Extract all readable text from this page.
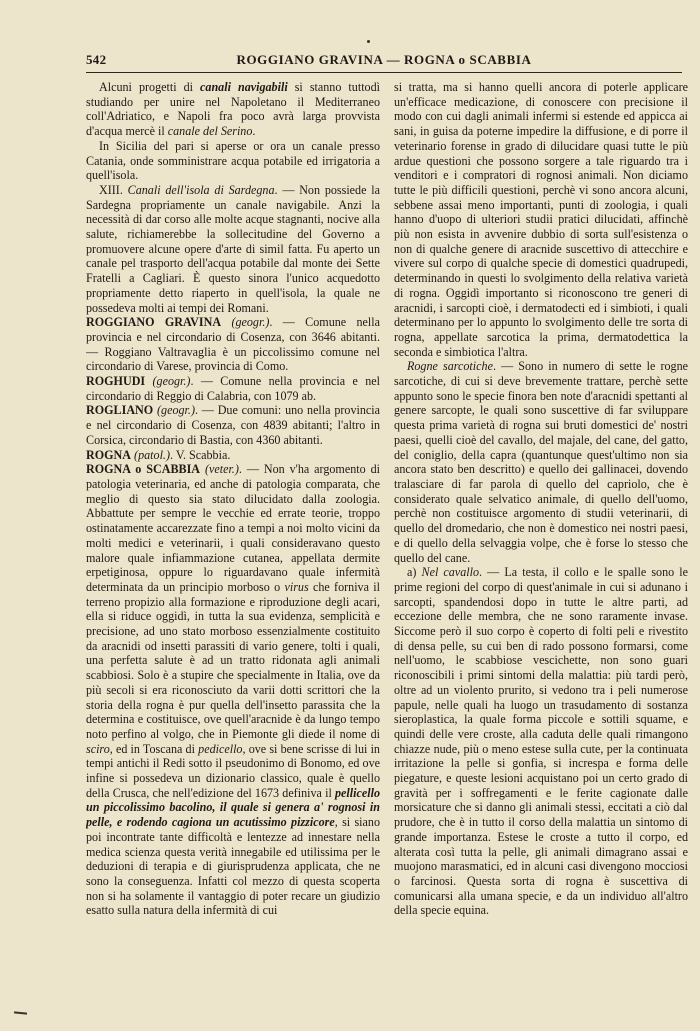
542	ROGGIANO GRAVINA — ROGNA o SCABBIA

Alcuni progetti di canali navigabili si stanno tuttodì studiando per unire nel Napoletano il Mediterraneo coll'Adriatico, e Napoli fra poco avrà larga provvista d'acqua mercè il canale del Serino.

In Sicilia del pari si aperse or ora un canale presso Catania, onde somministrare acqua potabile ed irrigatoria a quell'isola.

XIII. Canali dell'isola di Sardegna. — Non possiede la Sardegna propriamente un canale navigabile. Anzi la necessità di dar corso alle molte acque stagnanti, nocive alla salute, richiamerebbe la sollecitudine del Governo a promuovere alcune opere d'arte di simil fatta. Fu aperto un canale pel trasporto dell'acqua potabile dal monte dei Sette Fratelli a Cagliari. È questo sinora l'unico acquedotto propriamente detto riaperto in quell'isola, la quale ne possedeva molti ai tempi dei Romani.

ROGGIANO GRAVINA (geogr.). — Comune nella provincia e nel circondario di Cosenza, con 3646 abitanti. — Roggiano Valtravaglia è un piccolissimo comune nel circondario di Varese, provincia di Como.

ROGHUDI (geogr.). — Comune nella provincia e nel circondario di Reggio di Calabria, con 1079 ab.

ROGLIANO (geogr.). — Due comuni: uno nella provincia e nel circondario di Cosenza, con 4839 abitanti; l'altro in Corsica, circondario di Bastia, con 4360 abitanti.

ROGNA (patol.). V. Scabbia.

ROGNA o SCABBIA (veter.). — Non v'ha argomento di patologia veterinaria, ed anche di patologia comparata, che meglio di questo sia stato dilucidato dalla zoologia. Abbattute per sempre le vecchie ed errate teorie, troppo ostinatamente accarezzate fino a tempi a noi molto vicini da molti medici e veterinarii, i quali consideravano questo malore quale infiammazione cutanea, appellata dermite erpetiginosa, oppure lo riguardavano quale infermità determinata da un principio morboso o virus che forniva il terreno propizio alla formazione e riproduzione degli acari, ella si riduce oggidì, in tutta la sua evidenza, semplicità e precisione, ad uno stato morboso essenzialmente costituito da aracnidi od insetti parassiti di vario genere, tolti i quali, una perfetta salute è ad un tratto ridonata agli animali scabbiosi. Solo è a stupire che specialmente in Italia, ove da più secoli si era riconosciuto da varii dotti scrittori che la storia della rogna è pur quella dell'insetto parassita che la determina e costituisce, ove quell'aracnide è da lungo tempo noto perfino al volgo, che in Piemonte gli diede il nome di sciro, ed in Toscana di pedicello, ove si bene scrisse di lui in tempi antichi il Redi sotto il pseudonimo di Bonomo, ed ove infine si possedeva un dizionario classico, quale è quello della Crusca, che nell'edizione del 1673 definiva il pellicello un piccolissimo bacolino, il quale si genera a' rognosi in pelle, e rodendo cagiona un acutissimo pizzicore, si siano poi incontrate tante difficoltà e lentezze ad innestare nella medica scienza questa verità innegabile ed utilissima per le deduzioni di terapia e di giurisprudenza applicata, che ne sono la conseguenza. Infatti col mezzo di questa scoperta non si ha solamente il vantaggio di poter recare un giudizio esatto sulla natura della infermità di cui

si tratta, ma si hanno quelli ancora di poterle applicare un'efficace medicazione, di conoscere con precisione il modo con cui dagli animali infermi si estende ed appicca ai sani, in guisa da poterne impedire la diffusione, e di porre il veterinario forense in grado di dilucidare quasi tutte le più ardue questioni che possono sorgere a tale riguardo tra i venditori e i compratori di rognosi animali. Non diciamo tutte le più difficili questioni, perchè vi sono ancora alcuni, sebbene assai meno importanti, punti di zoologia, i quali hanno d'uopo di ulteriori studii pratici dilucidati, affinchè più non esista in avvenire dubbio di sorta sull'esistenza o non di qualche genere di aracnide suscettivo di attecchire e vivere sul corpo di qualche specie di domestici quadrupedi, determinando in questi lo svolgimento della relativa varietà di rogna. Oggidì importanto si riconoscono tre generi di aracnidi, i sarcopti cioè, i dermatodecti ed i simbioti, i quali determinano per lo appunto lo svolgimento delle tre sorta di rogna, appellate sarcotica la prima, dermatodettica la seconda e simbiotica l'altra.

Rogne sarcotiche. — Sono in numero di sette le rogne sarcotiche, di cui si deve brevemente trattare, perchè sette appunto sono le specie finora ben note d'aracnidi spettanti al genere sarcopte, le quali sono suscettive di far sviluppare questa prima varietà di rogna sui bruti domestici de' nostri paesi, quelli cioè del cavallo, del majale, del cane, del gatto, del coniglio, della capra (quantunque quest'ultimo non sia ancora stato ben descritto) e quello dei gallinacei, dovendo tralasciare di far parola di quello del capriolo, che è considerato quale selvatico animale, di quello dell'uomo, perchè non costituisce argomento di studii veterinarii, di quello del dromedario, che non è domestico nei nostri paesi, e di quello della selvaggia volpe, che è forse lo stesso che quello del cane.

a) Nel cavallo. — La testa, il collo e le spalle sono le prime regioni del corpo di quest'animale in cui si adunano i sarcopti, spandendosi dopo in tutte le altre parti, ad eccezione delle membra, che ne sono raramente invase. Siccome però il suo corpo è coperto di folti peli e rivestito di densa pelle, su cui ben di rado possono formarsi, come nell'uomo, le scabbiose vescichette, non sono guari riconoscibili i primi sintomi della malattia: più tardi però, oltre ad un violento prurito, si vedono tra i peli numerose papule, nelle quali ha luogo un trasudamento di sostanza sieroplastica, la quale forma piccole e sottili squame, e quindi delle vere croste, alla caduta delle quali rimangono chiazze nude, più o meno estese sulla cute, per la continuata irritazione la pelle si gonfia, si increspa e forma delle piegature, e queste lesioni acquistano poi un certo grado di gravità per i soffregamenti e le ferite cagionate dalle morsicature che si danno gli animali stessi, eccitati a ciò dal prudore, che è in tutto il corso della malattia un sintomo di grande importanza. Estese le croste a tutto il corpo, ed alterata così tutta la pelle, gli animali dimagrano assai e muojono marasmatici, ed in alcuni casi divengono mocciosi o farcinosi. Questa sorta di rogna è suscettiva di comunicarsi alla umana specie, e da un individuo all'altro della specie equina.
